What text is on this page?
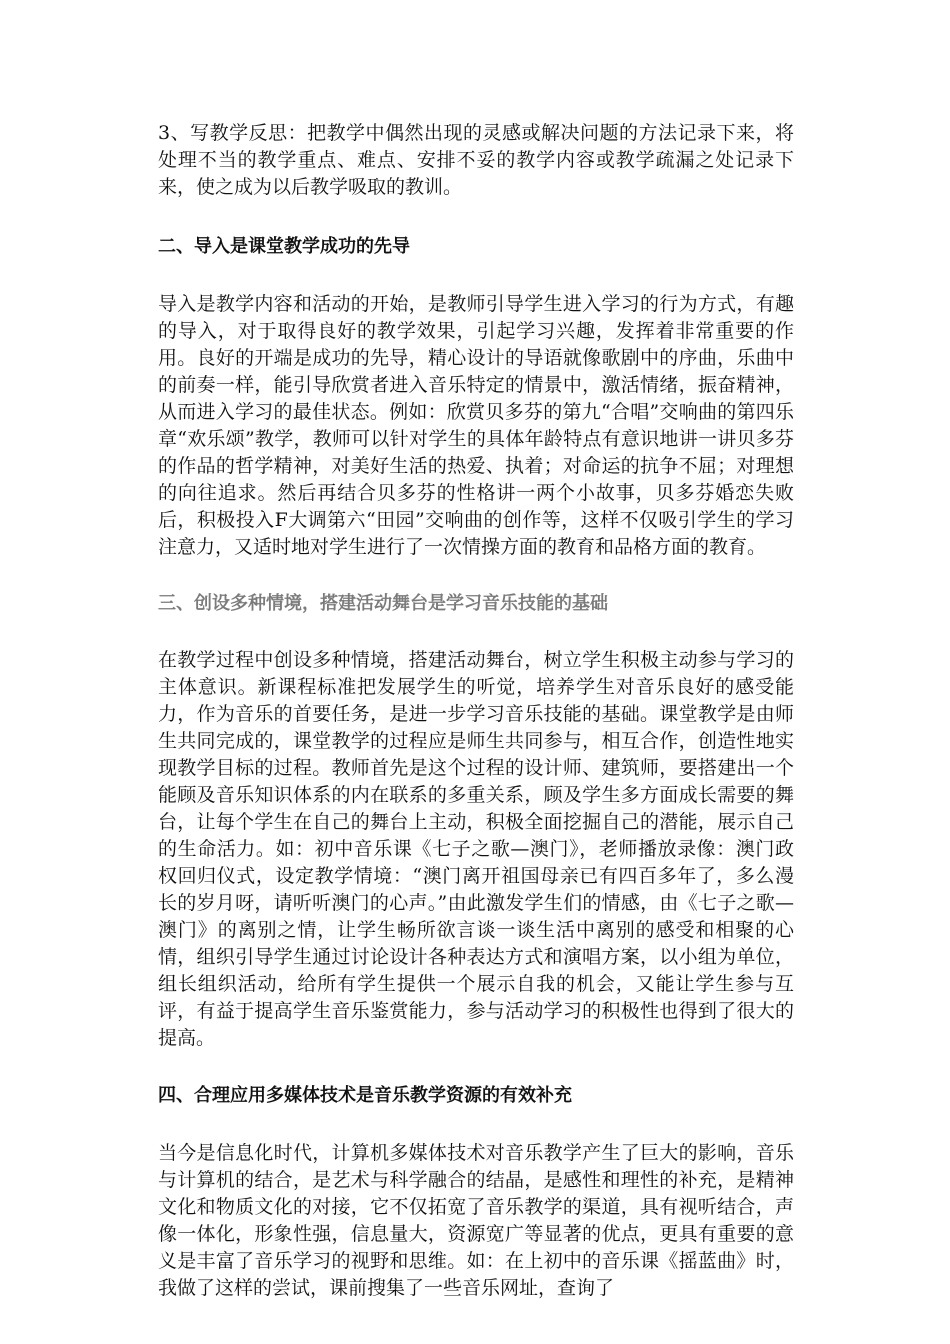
3、写教学反思：把教学中偶然出现的灵感或解决问题的方法记录下来，将处理不当的教学重点、难点、安排不妥的教学内容或教学疏漏之处记录下来，使之成为以后教学吸取的教训。

二、导入是课堂教学成功的先导

导入是教学内容和活动的开始，是教师引导学生进入学习的行为方式，有趣的导入，对于取得良好的教学效果，引起学习兴趣，发挥着非常重要的作用。良好的开端是成功的先导，精心设计的导语就像歌剧中的序曲，乐曲中的前奏一样，能引导欣赏者进入音乐特定的情景中，激活情绪，振奋精神，从而进入学习的最佳状态。例如：欣赏贝多芬的第九“合唱”交响曲的第四乐章“欢乐颂”教学，教师可以针对学生的具体年龄特点有意识地讲一讲贝多芬的作品的哲学精神，对美好生活的热爱、执着；对命运的抗争不屈；对理想的向往追求。然后再结合贝多芬的性格讲一两个小故事，贝多芬婚恋失败后，积极投入F大调第六“田园”交响曲的创作等，这样不仅吸引学生的学习注意力，又适时地对学生进行了一次情操方面的教育和品格方面的教育。

三、创设多种情境，搭建活动舞台是学习音乐技能的基础

在教学过程中创设多种情境，搭建活动舞台，树立学生积极主动参与学习的主体意识。新课程标准把发展学生的听觉，培养学生对音乐良好的感受能力，作为音乐的首要任务，是进一步学习音乐技能的基础。课堂教学是由师生共同完成的，课堂教学的过程应是师生共同参与，相互合作，创造性地实现教学目标的过程。教师首先是这个过程的设计师、建筑师，要搭建出一个能顾及音乐知识体系的内在联系的多重关系，顾及学生多方面成长需要的舞台，让每个学生在自己的舞台上主动，积极全面挖掘自己的潜能，展示自己的生命活力。如：初中音乐课《七子之歌—澳门》，老师播放录像：澳门政权回归仪式，设定教学情境：“澳门离开祖国母亲已有四百多年了，多么漫长的岁月呀，请听听澳门的心声。”由此激发学生们的情感，由《七子之歌—澳门》的离别之情，让学生畅所欲言谈一谈生活中离别的感受和相聚的心情，组织引导学生通过讨论设计各种表达方式和演唱方案，以小组为单位，组长组织活动，给所有学生提供一个展示自我的机会，又能让学生参与互评，有益于提高学生音乐鉴赏能力，参与活动学习的积极性也得到了很大的提高。

四、合理应用多媒体技术是音乐教学资源的有效补充

当今是信息化时代，计算机多媒体技术对音乐教学产生了巨大的影响，音乐与计算机的结合，是艺术与科学融合的结晶，是感性和理性的补充，是精神文化和物质文化的对接，它不仅拓宽了音乐教学的渠道，具有视听结合，声像一体化，形象性强，信息量大，资源宽广等显著的优点，更具有重要的意义是丰富了音乐学习的视野和思维。如：在上初中的音乐课《摇蓝曲》时，我做了这样的尝试，课前搜集了一些音乐网址，查询了
